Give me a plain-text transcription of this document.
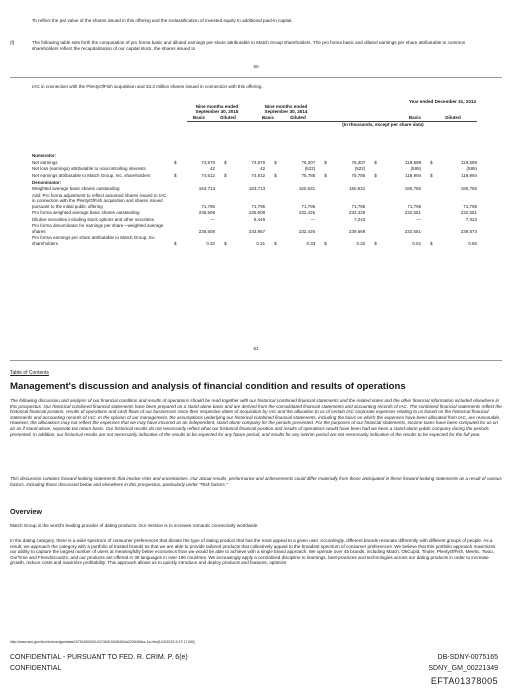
To reflect the par value of the shares issued in this offering and the reclassification of invested equity to additional paid-in capital.
(f)	The following table sets forth the computation of pro forma basic and diluted earnings per share attributable to Match Group shareholders. The pro forma basic and diluted earnings per share attributable to common shareholders reflect the recapitalization of our capital stock, the shares issued to
60
IAC in connection with the PlentyOfFish acquisition and 33.3 million shares issued in connection with this offering.
Nine months ended September 30, 2015
Nine months ended September 30, 2014
Year ended December 31, 2014
Basic	Diluted	Basic	Diluted	Basic	Diluted
(In thousands, except per share data)
Numerator:												
Net earnings	$	74,570	$	74,570	$	76,307	$	76,307	$	119,589	$	119,589
Net loss (earnings) attributable to noncontrolling interests		42		42		(522)		(522)		(595)		(595)
Net earnings attributable to Match Group, Inc. shareholders	$	74,612	$	74,612	$	75,785	$	75,785	$	118,994	$	118,994
Denominator:												
Weighted average basic shares outstanding		163,713		163,713		160,631		160,631		160,756		160,756
Add: Pro forma adjustment to reflect assumed shares issued to IAC in connection with the PlentyOfFish acquisition and shares issued pursuant to the initial public offering		71,795		71,795		71,795		71,795		71,795		71,795
Pro forma weighted average basic shares outstanding		235,508		235,508		232,426		232,426		232,551		232,551
Dilutive securities including stock options and other securities		—		8,449		—		7,243		—		7,323
Pro forma denominator for earnings per share—weighted average shares		235,508		243,957		232,426		239,669		232,551		239,874
Pro forma earnings per share attributable to Match Group, Inc. shareholders	$	0.32	$	0.31	$	0.33	$	0.32	$	0.51	$	0.50
61
Table of Contents
Management's discussion and analysis of financial condition and results of operations
The following discussion and analysis of our financial condition and results of operations should be read together with our historical combined financial statements and the related notes and the other financial information included elsewhere in this prospectus. Our historical combined financial statements have been prepared on a stand-alone basis and are derived from the consolidated financial statements and accounting records of IAC. The combined financial statements reflect the historical financial position, results of operations and cash flows of our businesses since their respective dates of acquisition by IAC and the allocation to us of certain IAC corporate expenses relating to us based on the historical financial statements and accounting records of IAC. In the opinion of our management, the assumptions underlying our historical combined financial statements, including the basis on which the expenses have been allocated from IAC, are reasonable. However, the allocations may not reflect the expenses that we may have incurred as an independent, stand-alone company for the periods presented. For the purposes of our financial statements, income taxes have been computed for us on an as if stand-alone, separate tax return basis. Our historical results do not necessarily reflect what our historical financial position and results of operations would have been had we been a stand-alone public company during the periods presented. In addition, our historical results are not necessarily indicative of the results to be expected for any future period, and results for any interim period are not necessarily indicative of the results to be expected for the full year.
This discussion contains forward-looking statements that involve risks and uncertainties. Our actual results, performance and achievements could differ materially from those anticipated in these forward-looking statements as a result of various factors, including those discussed below and elsewhere in this prospectus, particularly under "Risk factors."
Overview
Match Group is the world's leading provider of dating products. Our mission is to increase romantic connectivity worldwide.
In the dating category, there is a wide spectrum of consumer preferences that dictate the type of dating product that has the most appeal to a given user. Accordingly, different brands resonate differently with different groups of people. As a result, we approach the category with a portfolio of trusted brands so that we are able to provide tailored products that collectively appeal to the broadest spectrum of consumer preferences. We believe that this portfolio approach maximizes our ability to capture the largest number of users at meaningfully better economics than we would be able to achieve with a single brand approach. We operate over 45 brands, including Match, OkCupid, Tinder, PlentyOfFish, Meetic, Twoo, OurTime and FriendScout24, and our products are offered in 38 languages in over 190 countries. We increasingly apply a centralized discipline to learnings, best-practices and technologies across our dating products in order to increase growth, reduce costs and maximize profitability. This approach allows us to quickly introduce and deploy products and features, optimize
http://www.sec.gov/Archives/edgar/data/1575189/000104746915008454/a2226458zs-1a.htm[11/9/2015 9:27:17 AM]
CONFIDENTIAL - PURSUANT TO FED. R. CRIM. P. 6(e)
CONFIDENTIAL
DB-SDNY-0075165
SDNY_GM_00221349
EFTA01378005
